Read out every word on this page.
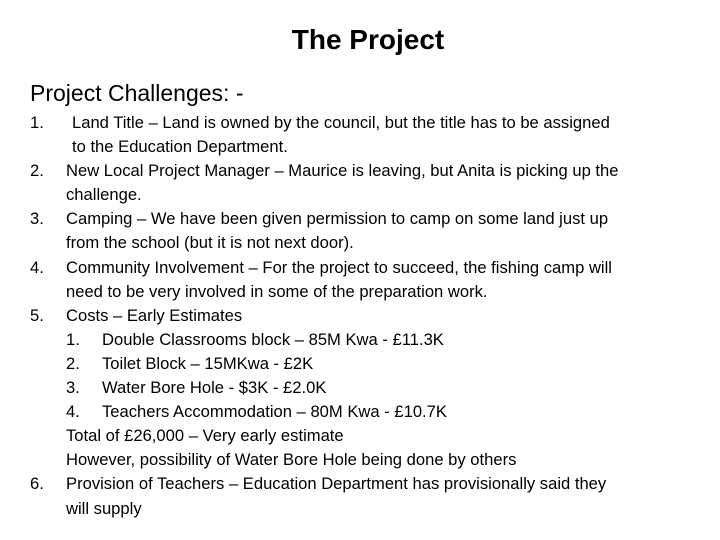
The Project
Project Challenges: -
1. Land Title – Land is owned by the council, but the title has to be assigned
to the Education Department.
2. New Local Project Manager – Maurice is leaving, but Anita is picking up the
challenge.
3. Camping – We have been given permission to camp on some land just up
from the school (but it is not next door).
4. Community Involvement – For the project to succeed, the fishing camp will
need to be very involved in some of the preparation work.
5. Costs – Early Estimates
1. Double Classrooms block – 85M Kwa - £11.3K
2. Toilet Block – 15MKwa - £2K
3. Water Bore Hole - $3K - £2.0K
4. Teachers Accommodation – 80M Kwa - £10.7K
Total of £26,000 – Very early estimate
However, possibility of Water Bore Hole being done by others
6. Provision of Teachers – Education Department has provisionally said they
will supply
